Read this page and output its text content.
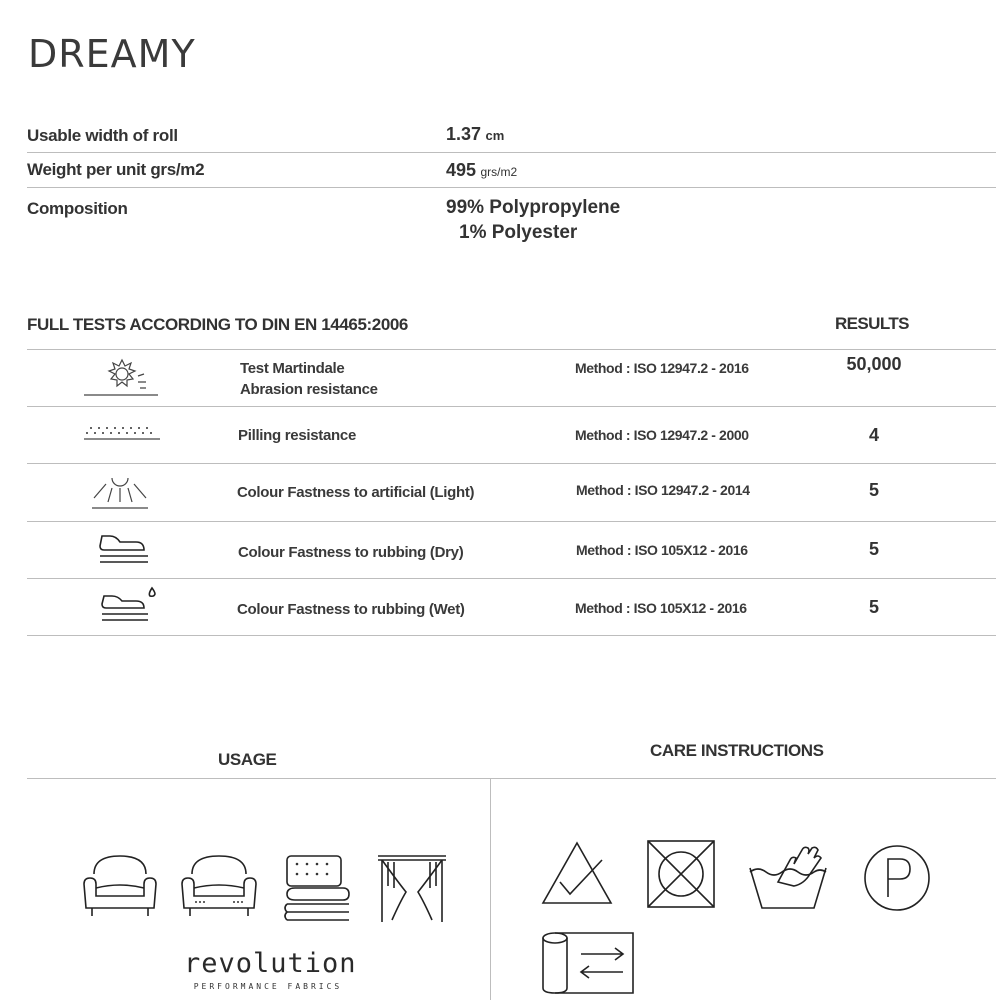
DREAMY
Usable width of roll	1.37 cm
Weight per unit grs/m2	495 grs/m2
Composition	99% Polypropylene
1% Polyester
FULL TESTS ACCORDING TO DIN EN 14465:2006	RESULTS
Test Martindale
Abrasion resistance
Method : ISO 12947.2 - 2016	50,000
Pilling resistance	Method : ISO 12947.2 - 2000	4
Colour Fastness to artificial (Light)	Method : ISO 12947.2 - 2014	5
Colour Fastness to rubbing (Dry)	Method : ISO 105X12 - 2016	5
Colour Fastness to rubbing (Wet)	Method : ISO 105X12 - 2016	5
USAGE	CARE INSTRUCTIONS
revolution
PERFORMANCE FABRICS
